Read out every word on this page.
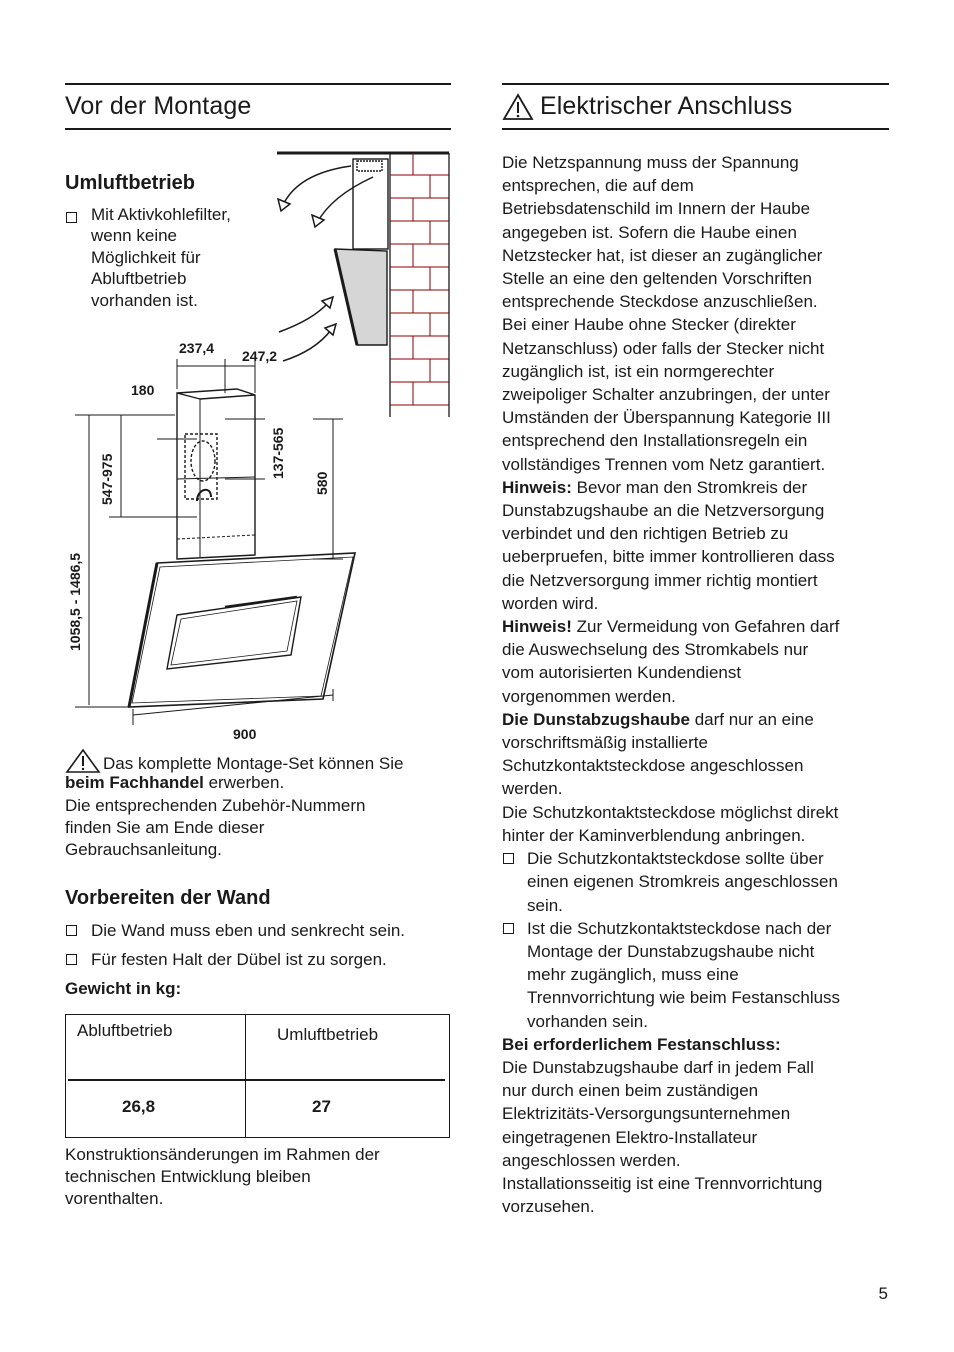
Vor der Montage
Umluftbetrieb
Mit Aktivkohlefilter,
wenn keine
Möglichkeit für
Abluftbetrieb
vorhanden ist.
237,4 247,2
180
900
1058,5 - 1486,5
547-975
137-565
580
Das komplette Montage-Set können Sie
beim Fachhandel erwerben.
Die entsprechenden Zubehör-Nummern
finden Sie am Ende dieser
Gebrauchsanleitung.
Vorbereiten der Wand
Die Wand muss eben und senkrecht sein.
Für festen Halt der Dübel ist zu sorgen.
Gewicht in kg:
Abluftbetrieb	Umluftbetrieb
26,8	27
Konstruktionsänderungen im Rahmen der
technischen Entwicklung bleiben
vorenthalten.
Elektrischer Anschluss

Die Netzspannung muss der Spannung

entsprechen, die auf dem

Betriebsdatenschild im Innern der Haube

angegeben ist. Sofern die Haube einen

Netzstecker hat, ist dieser an zugänglicher

Stelle an eine den geltenden Vorschriften

entsprechende Steckdose anzuschließen.

Bei einer Haube ohne Stecker (direkter

Netzanschluss) oder falls der Stecker nicht

zugänglich ist, ist ein normgerechter

zweipoliger Schalter anzubringen, der unter

Umständen der Überspannung Kategorie III

entsprechend den Installationsregeln ein

vollständiges Trennen vom Netz garantiert.

Hinweis: Bevor man den Stromkreis der

Dunstabzugshaube an die Netzversorgung

verbindet und den richtigen Betrieb zu

ueberpruefen, bitte immer kontrollieren dass

die Netzversorgung immer richtig montiert

worden wird.

Hinweis! Zur Vermeidung von Gefahren darf

die Auswechselung des Stromkabels nur

vom autorisierten Kundendienst

vorgenommen werden.

Die Dunstabzugshaube darf nur an eine

vorschriftsmäßig installierte

Schutzkontaktsteckdose angeschlossen

werden.

Die Schutzkontaktsteckdose möglichst direkt

hinter der Kaminverblendung anbringen.

Die Schutzkontaktsteckdose sollte über
einen eigenen Stromkreis angeschlossen
sein.
Ist die Schutzkontaktsteckdose nach der
Montage der Dunstabzugshaube nicht
mehr zugänglich, muss eine
Trennvorrichtung wie beim Festanschluss
vorhanden sein.

Bei erforderlichem Festanschluss:

Die Dunstabzugshaube darf in jedem Fall

nur durch einen beim zuständigen

Elektrizitäts-Versorgungsunternehmen

eingetragenen Elektro-Installateur

angeschlossen werden.

Installationsseitig ist eine Trennvorrichtung

vorzusehen.

5
